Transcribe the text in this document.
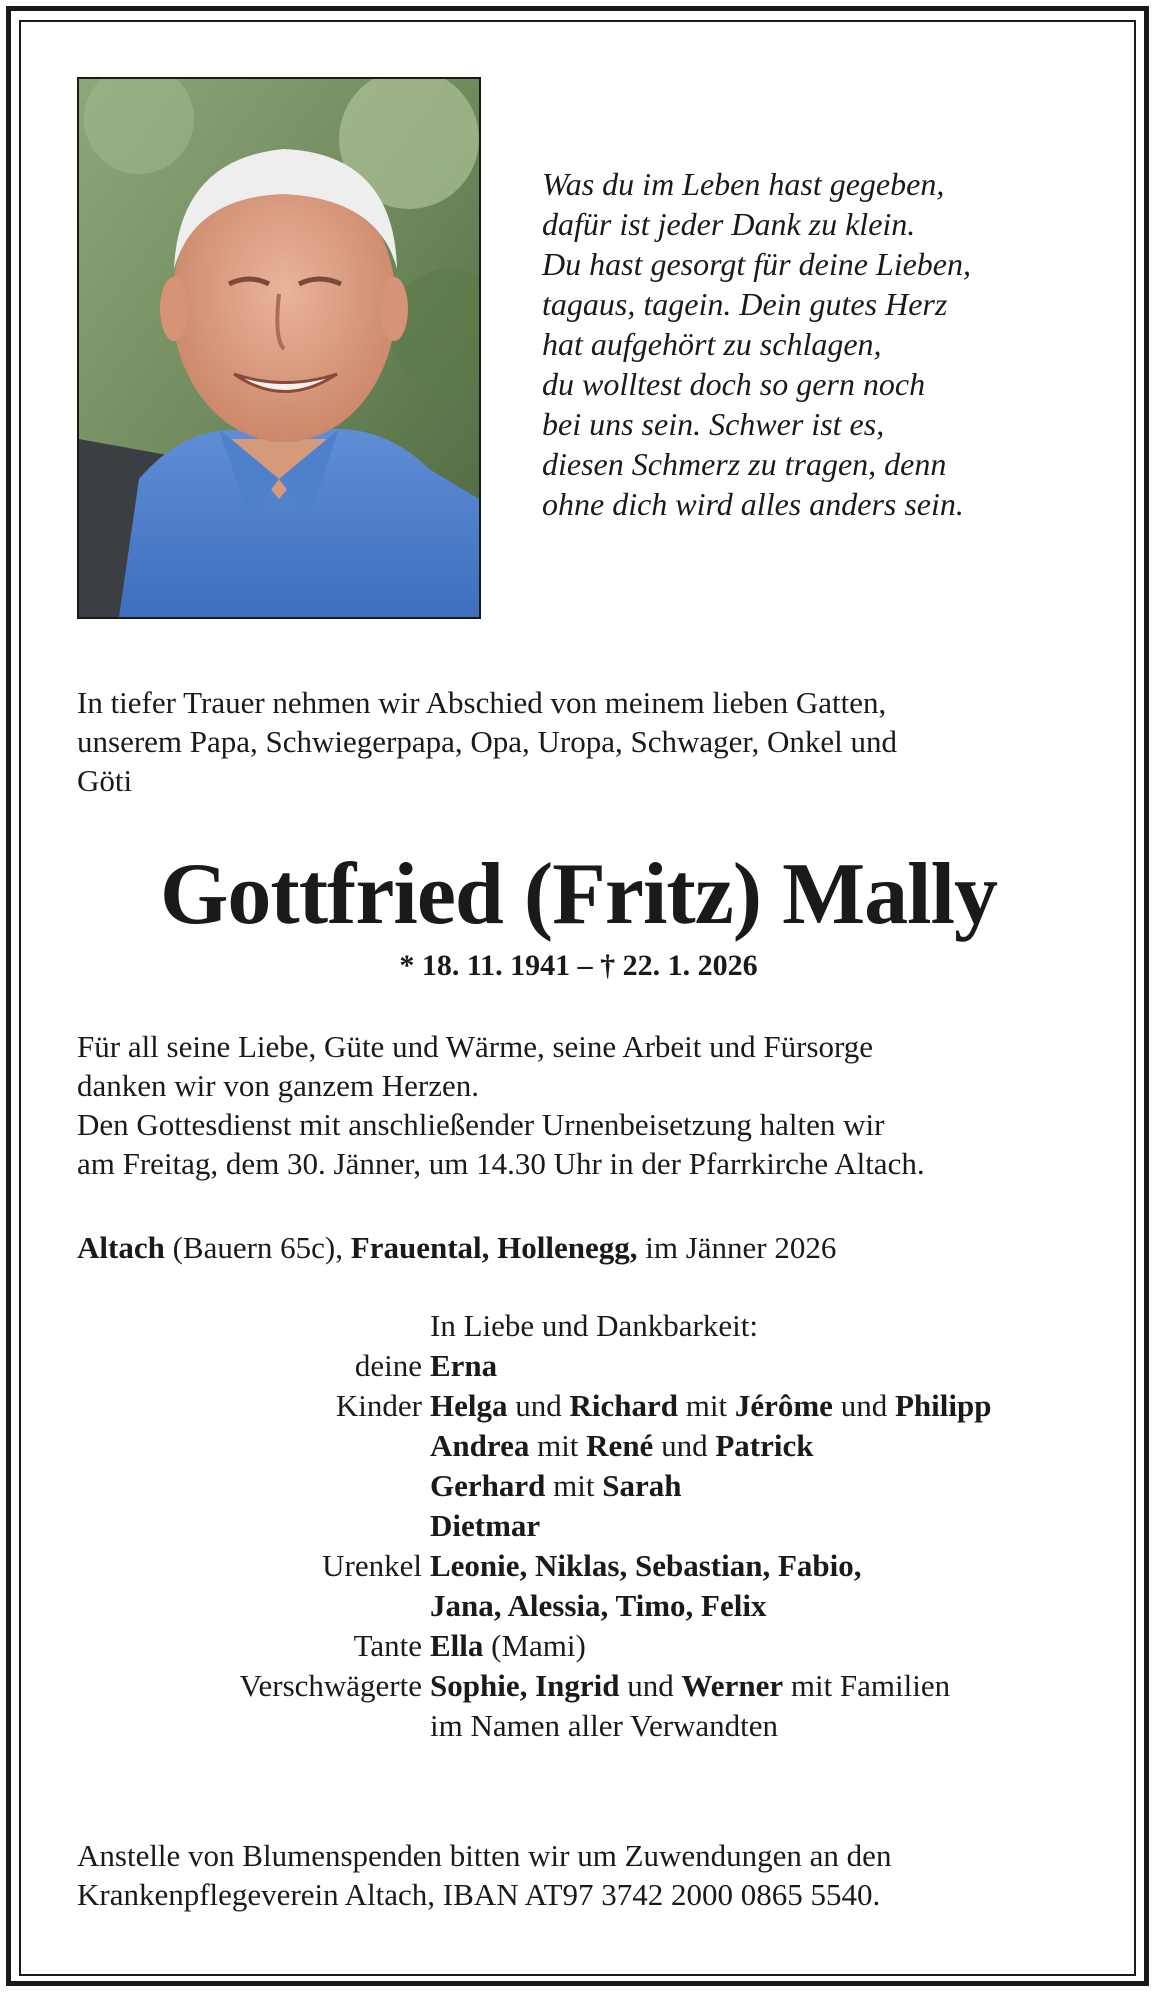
Was du im Leben hast gegeben,
dafür ist jeder Dank zu klein.
Du hast gesorgt für deine Lieben,
tagaus, tagein. Dein gutes Herz
hat aufgehört zu schlagen,
du wolltest doch so gern noch
bei uns sein. Schwer ist es,
diesen Schmerz zu tragen, denn
ohne dich wird alles anders sein.
In tiefer Trauer nehmen wir Abschied von meinem lieben Gatten,
unserem Papa, Schwiegerpapa, Opa, Uropa, Schwager, Onkel und
Göti
Gottfried (Fritz) Mally
* 18. 11. 1941 – † 22. 1. 2026
Für all seine Liebe, Güte und Wärme, seine Arbeit und Fürsorge
danken wir von ganzem Herzen.
Den Gottesdienst mit anschließender Urnenbeisetzung halten wir
am Freitag, dem 30. Jänner, um 14.30 Uhr in der Pfarrkirche Altach.
Altach (Bauern 65c), Frauental, Hollenegg, im Jänner 2026
In Liebe und Dankbarkeit:
deine Erna
Kinder Helga und Richard mit Jérôme und Philipp
Andrea mit René und Patrick
Gerhard mit Sarah
Dietmar
Urenkel Leonie, Niklas, Sebastian, Fabio,
Jana, Alessia, Timo, Felix
Tante Ella (Mami)
Verschwägerte Sophie, Ingrid und Werner mit Familien
im Namen aller Verwandten
Anstelle von Blumenspenden bitten wir um Zuwendungen an den
Krankenpflegeverein Altach, IBAN AT97 3742 2000 0865 5540.
